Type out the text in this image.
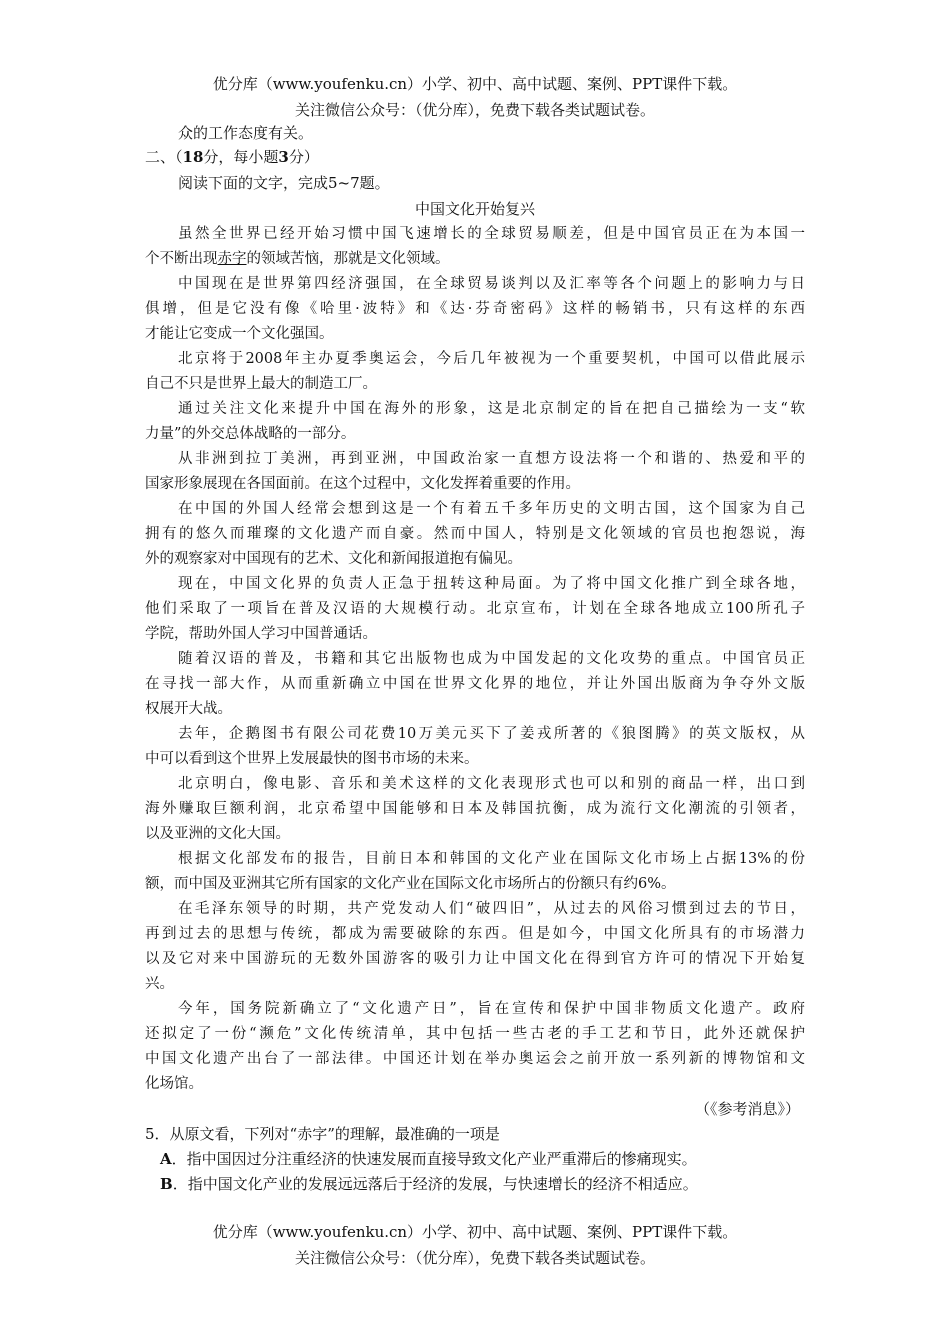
优分库（www.youfenku.cn）小学、初中、高中试题、案例、PPT课件下载。
关注微信公众号：（优分库），免费下载各类试题试卷。
众的工作态度有关。
二、（18分，每小题3分）
阅读下面的文字，完成5~7题。
中国文化开始复兴
虽然全世界已经开始习惯中国飞速增长的全球贸易顺差，但是中国官员正在为本国一
个不断出现赤字的领域苦恼，那就是文化领域。
中国现在是世界第四经济强国，在全球贸易谈判以及汇率等各个问题上的影响力与日
俱增，但是它没有像《哈里·波特》和《达·芬奇密码》这样的畅销书，只有这样的东西
才能让它变成一个文化强国。
北京将于2008年主办夏季奥运会，今后几年被视为一个重要契机，中国可以借此展示
自己不只是世界上最大的制造工厂。
通过关注文化来提升中国在海外的形象，这是北京制定的旨在把自己描绘为一支“软
力量”的外交总体战略的一部分。
从非洲到拉丁美洲，再到亚洲，中国政治家一直想方设法将一个和谐的、热爱和平的
国家形象展现在各国面前。在这个过程中，文化发挥着重要的作用。
在中国的外国人经常会想到这是一个有着五千多年历史的文明古国，这个国家为自己
拥有的悠久而璀璨的文化遗产而自豪。然而中国人，特别是文化领域的官员也抱怨说，海
外的观察家对中国现有的艺术、文化和新闻报道抱有偏见。
现在，中国文化界的负责人正急于扭转这种局面。为了将中国文化推广到全球各地，
他们采取了一项旨在普及汉语的大规模行动。北京宣布，计划在全球各地成立100所孔子
学院，帮助外国人学习中国普通话。
随着汉语的普及，书籍和其它出版物也成为中国发起的文化攻势的重点。中国官员正
在寻找一部大作，从而重新确立中国在世界文化界的地位，并让外国出版商为争夺外文版
权展开大战。
去年，企鹅图书有限公司花费10万美元买下了姜戎所著的《狼图腾》的英文版权，从
中可以看到这个世界上发展最快的图书市场的未来。
北京明白，像电影、音乐和美术这样的文化表现形式也可以和别的商品一样，出口到
海外赚取巨额利润，北京希望中国能够和日本及韩国抗衡，成为流行文化潮流的引领者，
以及亚洲的文化大国。
根据文化部发布的报告，目前日本和韩国的文化产业在国际文化市场上占据13%的份
额，而中国及亚洲其它所有国家的文化产业在国际文化市场所占的份额只有约6%。
在毛泽东领导的时期，共产党发动人们“破四旧”，从过去的风俗习惯到过去的节日，
再到过去的思想与传统，都成为需要破除的东西。但是如今，中国文化所具有的市场潜力
以及它对来中国游玩的无数外国游客的吸引力让中国文化在得到官方许可的情况下开始复
兴。
今年，国务院新确立了“文化遗产日”，旨在宣传和保护中国非物质文化遗产。政府
还拟定了一份“濒危”文化传统清单，其中包括一些古老的手工艺和节日，此外还就保护
中国文化遗产出台了一部法律。中国还计划在举办奥运会之前开放一系列新的博物馆和文
化场馆。
（《参考消息》）
5．从原文看，下列对“赤字”的理解，最准确的一项是
A．指中国因过分注重经济的快速发展而直接导致文化产业严重滞后的惨痛现实。
B．指中国文化产业的发展远远落后于经济的发展，与快速增长的经济不相适应。
优分库（www.youfenku.cn）小学、初中、高中试题、案例、PPT课件下载。
关注微信公众号：（优分库），免费下载各类试题试卷。
